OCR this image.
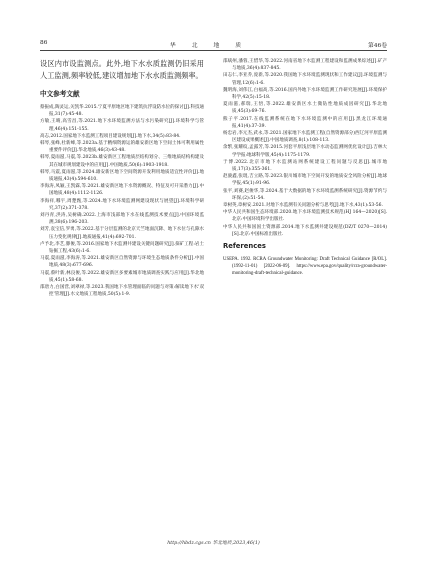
86	华北地质	第46卷

设区内市设监测点。此外,地下水水质监测仍旧采用人工监测,频率较低,建议增加地下水水质监测频率。

中文参考文献

蔡振成,陶灵运,关凯华.2015.宁夏平原地区地下建筑抗浮设防水位的探讨[J].科技通报,31(7):45-48.

方敏,王晴,高雪昌,等.2021.地下水环境监测方法与水污染研究[J].环境科学与管理,46(4):151-155.

高志,2012.国家地下水监测工程项目建设规划[J].地下水,34(5):83-84.

韩琴,张峰,杜新峰,等.2023a.基于精细资源运的雄安新区地下空间土体可利用属性重要件评价[J].华北地质,46(3):43-48.

韩琴,夏雨滋,马震,等.2023b.雄安新区工程地质层结构划分、三维地质结构构建及其在城市规划建设中的应用[J].中国地质,50(6):1903-1918.

韩琴,马震,夏雨滋,等.2024.雄安新区地下空间资源开发利用地质适宜性评价[J].地质通报,43(4):594-610.

李海涛,凤颖,王凯霖,等.2021.雄安新区地下水资源概况、特征及可开采潜力[J].中国地质,48(4):1112-1126.

李海祥,哪宇,周楚甄,等.2024.地下水环境监测网建设现状与展望[J].环境科学研究,37(2):371-378.

刘丹青,洪涛,吴树确.2022.上海市浅部地下水在线监测技术要点[J].中国环境监测,38(6):196-203.

刘芳,袁宝信,罗勇,等.2022.基于分层监测的北京天竺地面沉降、地下水位与孔隙水压力变化规律[J].地质通报,41(4):692-701.

卢予北,李艺,滕俊,等.2016.国家地下水监测井建设关键问题研究[J].探矿工程:岩土钻掘工程,43(6):1-6.

马震,夏雨滋,李海涛,等.2021.雄安新区自然资源与环境生态地质条件分析[J].中国地质,48(3):677-696.

马震,蔡叶新,林良俊,等.2022.雄安新区多要素城市地质调查实践与应用[J].华北地质,45(1):58-68.

邵唐力,白国营,刘翠禄,等.2023.我国地下水管理面临的问题与对策:解读地下水'双控'管理[J].水文地质工程地质,50(5):1-9.

邵斌州,潘蓉,王惜华,等.2022.河南省地下水监测工程建设和监测成果综述[J].矿产与地质,36(4):837-845.

田志仁,李亚乔,庞新,等.2020.我国地下水环境监测现状和工作建议[J].环境监测与管理,12(6):1-6.

魏明海,刘伟江,白福高,等.2016.国内外地下水环境监测工作研究进展[J].环境保护科学,42(5):15-18.

夏雨滋,郝瑞,王悟,等.2022.雄安新区水土微钻性地质成因研究[J].华北地质,45(3):69-76.

熊子平.2017.在线监测系统在地下水环境监测中的应用[J].黑龙江环境通报,41(4):37-39.

杨忠岩,李元杰,武永,等.2021.国家地下水监测工程(自然资源部分)西辽河平原监测区建设成果概述[J].中国地质调查,8(1):108-113.

余繁,张耀纹,孟露芳,等.2015.河套平原浅层地下水动态监测网优化设计[J].吉林大学学报:地球科学版,45(4):1175-1179.

于博.2022.北京市地下水监测站网系统建设工程问题与反思[J].城市地质,17(3):355-361.

赵骏鑫,张琨,吉立路,等.2023.银川城市地下空间开发的地质安全风险分析[J].地球学报,45(1):91-96.

张平,刘赛,赵俊华,等.2024.基于大数据的地下水环境监测系统研究[J].资源节约与环保,(2):51-54.

章树英,章树安.2021.对地下水监测有关问题分析与思考[J].地下水,43(1):53-56.

中华人民共和国生态环境部.2020.地下水环境监测技术规范(HJ 164—2020)[S].北京:中国环境科学出版社.

中华人民共和国国土资源部.2014.地下水监测井建设规范(DZ/T 0270—2014)[S].北京:中国标准出版社.

References

USEPA. 1992. RCRA Groundwater Monitoring: Draft Technical Guidance [R/OL]. (1992-11-01) [2022-06-09]. https://www.epa.gov/quality/rcra-groundwater-monitoring-draft-technical-guidance.

http://hbdz.cgs.cn 华北地质,2023,46(1)
